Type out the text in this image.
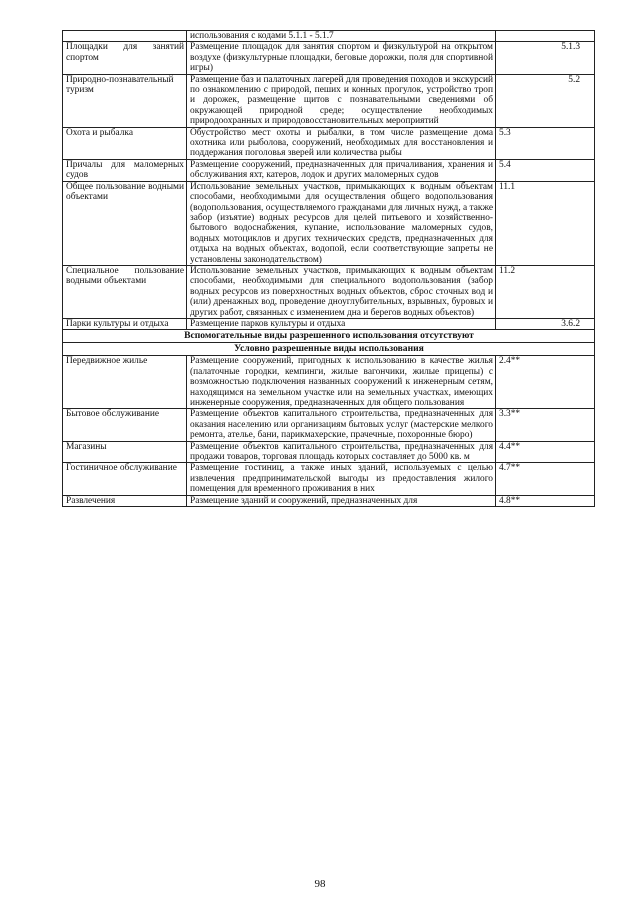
	использования с кодами 5.1.1 - 5.1.7	
Площадки для занятий спортом	Размещение площадок для занятия спортом и физкультурой на открытом воздухе (физкультурные площадки, беговые дорожки, поля для спортивной игры)	5.1.3
Природно-познавательный туризм	Размещение баз и палаточных лагерей для проведения походов и экскурсий по ознакомлению с природой, пеших и конных прогулок, устройство троп и дорожек, размещение щитов с познавательными сведениями об окружающей природной среде; осуществление необходимых природоохранных и природовосстановительных мероприятий	5.2
Охота и рыбалка	Обустройство мест охоты и рыбалки, в том числе размещение дома охотника или рыболова, сооружений, необходимых для восстановления и поддержания поголовья зверей или количества рыбы	5.3
Причалы для маломерных судов	Размещение сооружений, предназначенных для причаливания, хранения и обслуживания яхт, катеров, лодок и других маломерных судов	5.4
Общее пользование водными объектами	Использование земельных участков, примыкающих к водным объектам способами, необходимыми для осуществления общего водопользования (водопользования, осуществляемого гражданами для личных нужд, а также забор (изъятие) водных ресурсов для целей питьевого и хозяйственно-бытового водоснабжения, купание, использование маломерных судов, водных мотоциклов и других технических средств, предназначенных для отдыха на водных объектах, водопой, если соответствующие запреты не установлены законодательством)	11.1
Специальное пользование водными объектами	Использование земельных участков, примыкающих к водным объектам способами, необходимыми для специального водопользования (забор водных ресурсов из поверхностных водных объектов, сброс сточных вод и (или) дренажных вод, проведение дноуглубительных, взрывных, буровых и других работ, связанных с изменением дна и берегов водных объектов)	11.2
Парки культуры и отдыха	Размещение парков культуры и отдыха	3.6.2
Вспомогательные виды разрешенного использования отсутствуют		
Условно разрешенные виды использования		
Передвижное жилье	Размещение сооружений, пригодных к использованию в качестве жилья (палаточные городки, кемпинги, жилые вагончики, жилые прицепы) с возможностью подключения названных сооружений к инженерным сетям, находящимся на земельном участке или на земельных участках, имеющих инженерные сооружения, предназначенных для общего пользования	2.4**
Бытовое обслуживание	Размещение объектов капитального строительства, предназначенных для оказания населению или организациям бытовых услуг (мастерские мелкого ремонта, ателье, бани, парикмахерские, прачечные, похоронные бюро)	3.3**
Магазины	Размещение объектов капитального строительства, предназначенных для продажи товаров, торговая площадь которых составляет до 5000 кв. м	4.4**
Гостиничное обслуживание	Размещение гостиниц, а также иных зданий, используемых с целью извлечения предпринимательской выгоды из предоставления жилого помещения для временного проживания в них	4.7**
Развлечения	Размещение зданий и сооружений, предназначенных для	4.8**
98
